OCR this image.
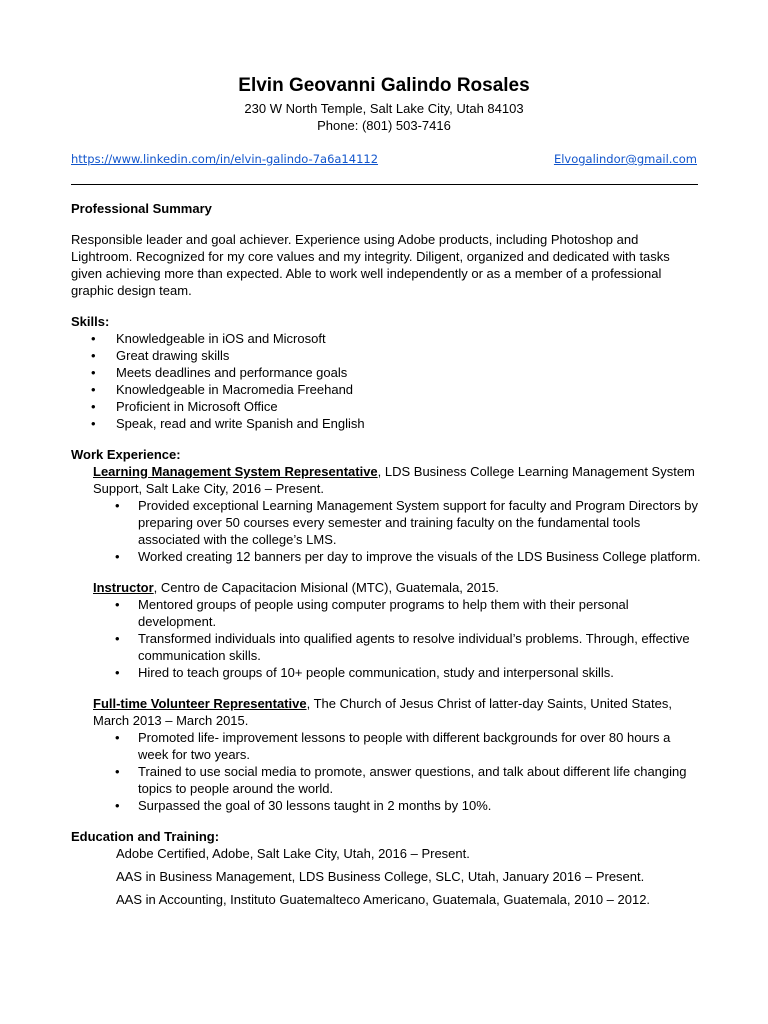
Elvin Geovanni Galindo Rosales
230 W North Temple, Salt Lake City, Utah 84103
Phone: (801) 503-7416
https://www.linkedin.com/in/elvin-galindo-7a6a14112	Elvogalindor@gmail.com

Professional Summary

Responsible leader and goal achiever. Experience using Adobe products, including Photoshop and Lightroom. Recognized for my core values and my integrity. Diligent, organized and dedicated with tasks given achieving more than expected. Able to work well independently or as a member of a professional graphic design team.

Skills:

• Knowledgeable in iOS and Microsoft
• Great drawing skills
• Meets deadlines and performance goals
• Knowledgeable in Macromedia Freehand
• Proficient in Microsoft Office
• Speak, read and write Spanish and English

Work Experience:

Learning Management System Representative, LDS Business College Learning Management System Support, Salt Lake City, 2016 – Present.
• Provided exceptional Learning Management System support for faculty and Program Directors by preparing over 50 courses every semester and training faculty on the fundamental tools associated with the college’s LMS.
• Worked creating 12 banners per day to improve the visuals of the LDS Business College platform.
Instructor, Centro de Capacitacion Misional (MTC), Guatemala, 2015.
• Mentored groups of people using computer programs to help them with their personal development.
• Transformed individuals into qualified agents to resolve individual’s problems. Through, effective communication skills.
• Hired to teach groups of 10+ people communication, study and interpersonal skills.
Full-time Volunteer Representative, The Church of Jesus Christ of latter-day Saints, United States, March 2013 – March 2015.
• Promoted life- improvement lessons to people with different backgrounds for over 80 hours a week for two years.
• Trained to use social media to promote, answer questions, and talk about different life changing topics to people around the world.
• Surpassed the goal of 30 lessons taught in 2 months by 10%.

Education and Training:

Adobe Certified, Adobe, Salt Lake City, Utah, 2016 – Present.

AAS in Business Management, LDS Business College, SLC, Utah, January 2016 – Present.

AAS in Accounting, Instituto Guatemalteco Americano, Guatemala, Guatemala, 2010 – 2012.
